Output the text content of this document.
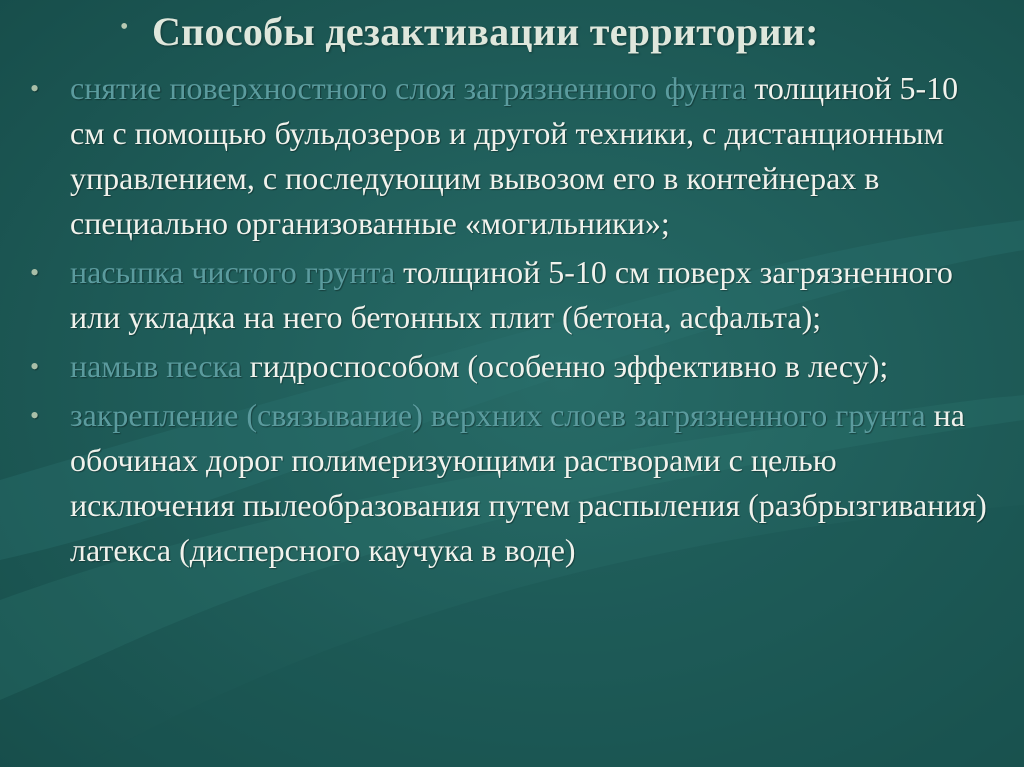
• Способы дезактивации территории:
• снятие поверхностного слоя загрязненного фунта толщиной 5-10 см с помощью бульдозеров и другой техники, с дистанционным управлением, с последующим вывозом его в контейнерах в специально организованные «могильники»;
• насыпка чистого грунта толщиной 5-10 см поверх загрязненного или укладка на него бетонных плит (бетона, асфальта);
• намыв песка гидроспособом (особенно эффективно в лесу);
• закрепление (связывание) верхних слоев загрязненного грунта на обочинах дорог полимеризующими растворами с целью исключения пылеобразования путем распыления (разбрызгивания) латекса (дисперсного каучука в воде)
